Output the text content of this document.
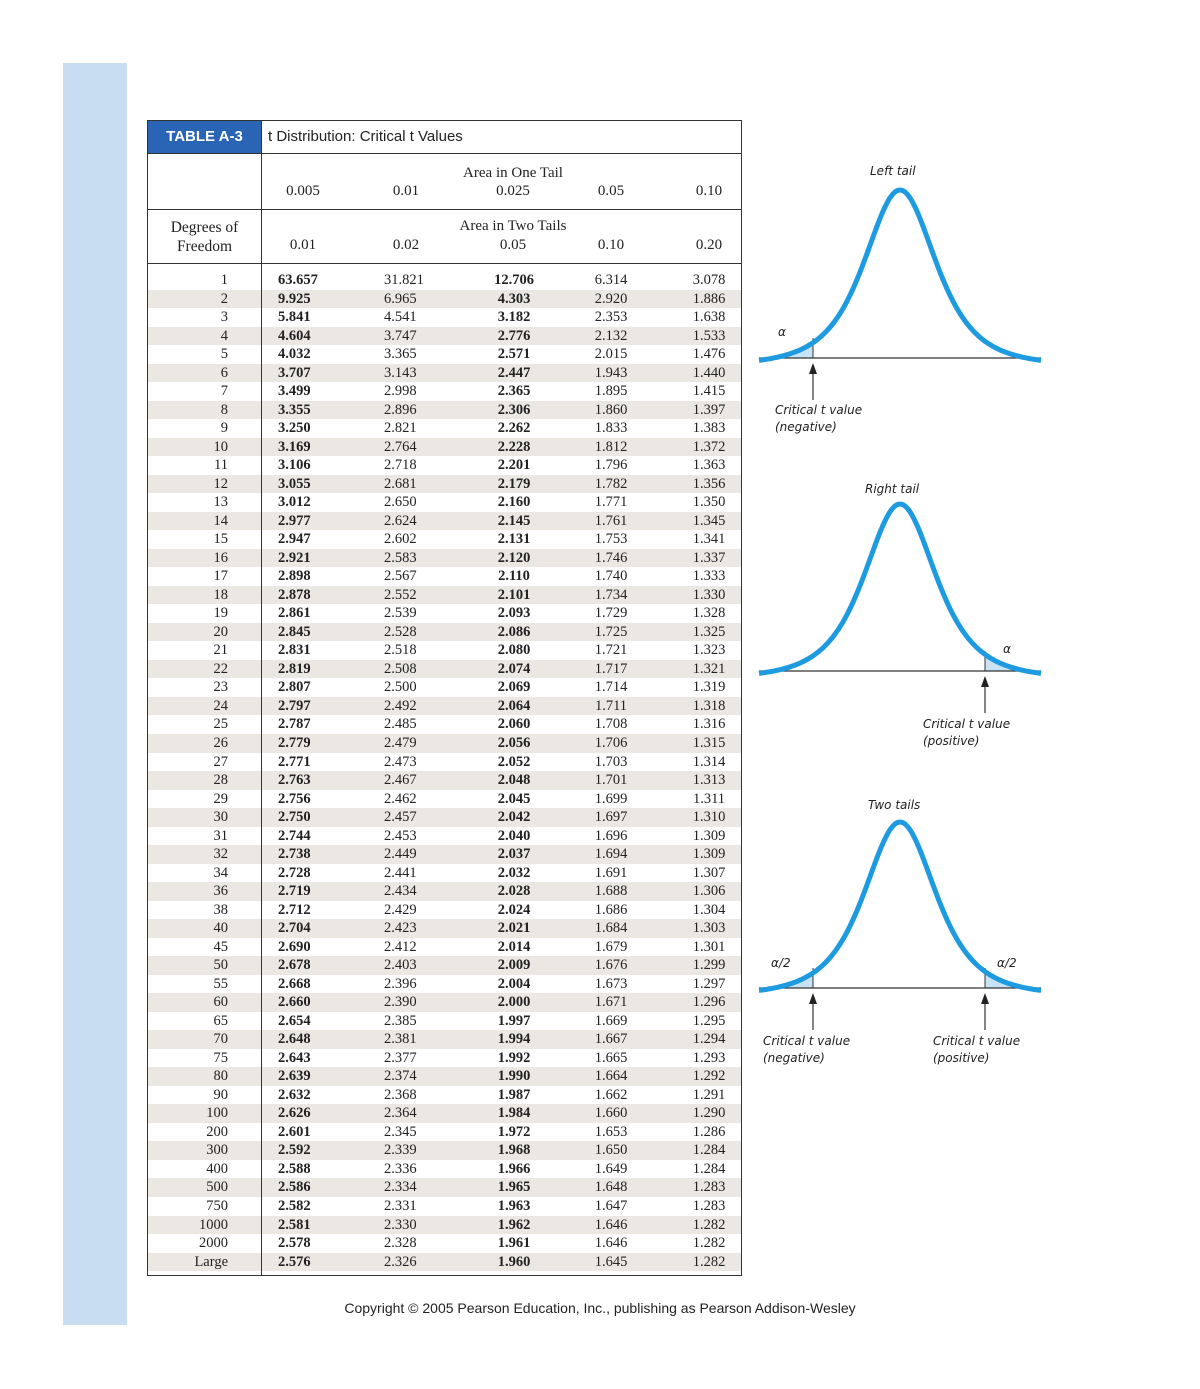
TABLE A-3	t Distribution: Critical t Values
Area in One Tail
0.005	0.01	0.025	0.05	0.10
Degrees of
Freedom
Area in Two Tails
0.01	0.02	0.05	0.10	0.20
1	63.657	31.821	12.706	6.314	3.078
2	9.925	6.965	4.303	2.920	1.886
3	5.841	4.541	3.182	2.353	1.638
4	4.604	3.747	2.776	2.132	1.533
5	4.032	3.365	2.571	2.015	1.476
6	3.707	3.143	2.447	1.943	1.440
7	3.499	2.998	2.365	1.895	1.415
8	3.355	2.896	2.306	1.860	1.397
9	3.250	2.821	2.262	1.833	1.383
10	3.169	2.764	2.228	1.812	1.372
11	3.106	2.718	2.201	1.796	1.363
12	3.055	2.681	2.179	1.782	1.356
13	3.012	2.650	2.160	1.771	1.350
14	2.977	2.624	2.145	1.761	1.345
15	2.947	2.602	2.131	1.753	1.341
16	2.921	2.583	2.120	1.746	1.337
17	2.898	2.567	2.110	1.740	1.333
18	2.878	2.552	2.101	1.734	1.330
19	2.861	2.539	2.093	1.729	1.328
20	2.845	2.528	2.086	1.725	1.325
21	2.831	2.518	2.080	1.721	1.323
22	2.819	2.508	2.074	1.717	1.321
23	2.807	2.500	2.069	1.714	1.319
24	2.797	2.492	2.064	1.711	1.318
25	2.787	2.485	2.060	1.708	1.316
26	2.779	2.479	2.056	1.706	1.315
27	2.771	2.473	2.052	1.703	1.314
28	2.763	2.467	2.048	1.701	1.313
29	2.756	2.462	2.045	1.699	1.311
30	2.750	2.457	2.042	1.697	1.310
31	2.744	2.453	2.040	1.696	1.309
32	2.738	2.449	2.037	1.694	1.309
34	2.728	2.441	2.032	1.691	1.307
36	2.719	2.434	2.028	1.688	1.306
38	2.712	2.429	2.024	1.686	1.304
40	2.704	2.423	2.021	1.684	1.303
45	2.690	2.412	2.014	1.679	1.301
50	2.678	2.403	2.009	1.676	1.299
55	2.668	2.396	2.004	1.673	1.297
60	2.660	2.390	2.000	1.671	1.296
65	2.654	2.385	1.997	1.669	1.295
70	2.648	2.381	1.994	1.667	1.294
75	2.643	2.377	1.992	1.665	1.293
80	2.639	2.374	1.990	1.664	1.292
90	2.632	2.368	1.987	1.662	1.291
100	2.626	2.364	1.984	1.660	1.290
200	2.601	2.345	1.972	1.653	1.286
300	2.592	2.339	1.968	1.650	1.284
400	2.588	2.336	1.966	1.649	1.284
500	2.586	2.334	1.965	1.648	1.283
750	2.582	2.331	1.963	1.647	1.283
1000	2.581	2.330	1.962	1.646	1.282
2000	2.578	2.328	1.961	1.646	1.282
Large	2.576	2.326	1.960	1.645	1.282
Left tail
α
Critical t value
(negative)
Right tail
α
Critical t value
(positive)
Two tails
α/2	α/2
Critical t value
(negative)
Critical t value
(positive)
Copyright © 2005 Pearson Education, Inc., publishing as Pearson Addison-Wesley
